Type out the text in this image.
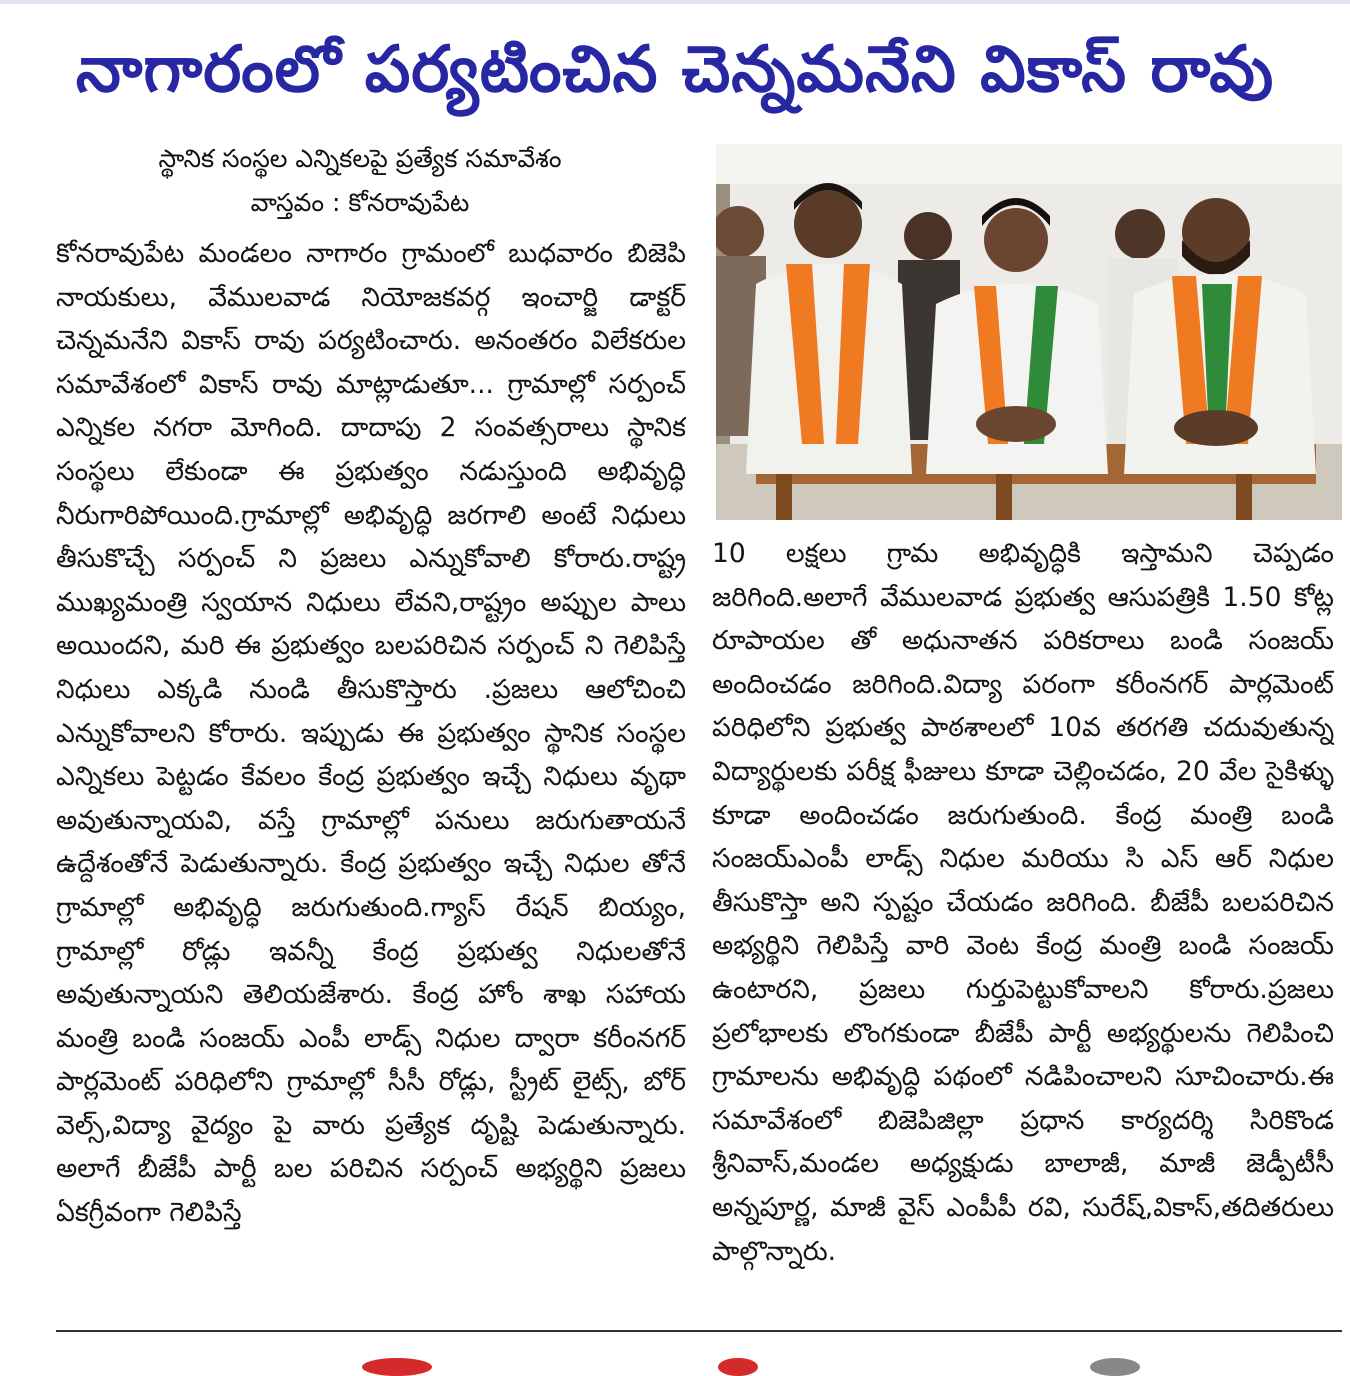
నాగారంలో పర్యటించిన చెన్నమనేని వికాస్ రావు
స్థానిక సంస్థల ఎన్నికలపై ప్రత్యేక సమావేశం
వాస్తవం : కోనరావుపేట
కోనరావుపేట మండలం నాగారం గ్రామంలో బుధవారం బిజెపి నాయకులు, వేములవాడ నియోజకవర్గ ఇంచార్జి డాక్టర్ చెన్నమనేని వికాస్ రావు పర్యటించారు. అనంతరం విలేకరుల సమావేశంలో వికాస్ రావు మాట్లాడుతూ... గ్రామాల్లో సర్పంచ్ ఎన్నికల నగరా మోగింది. దాదాపు 2 సంవత్సరాలు స్థానిక సంస్థలు లేకుండా ఈ ప్రభుత్వం నడుస్తుంది అభివృద్ధి నీరుగారిపోయింది.గ్రామాల్లో అభివృద్ధి జరగాలి అంటే నిధులు తీసుకొచ్చే సర్పంచ్ ని ప్రజలు ఎన్నుకోవాలి కోరారు.రాష్ట్ర ముఖ్యమంత్రి స్వయాన నిధులు లేవని,రాష్ట్రం అప్పుల పాలు అయిందని, మరి ఈ ప్రభుత్వం బలపరిచిన సర్పంచ్ ని గెలిపిస్తే నిధులు ఎక్కడి నుండి తీసుకొస్తారు .ప్రజలు ఆలోచించి ఎన్నుకోవాలని కోరారు. ఇప్పుడు ఈ ప్రభుత్వం స్థానిక సంస్థల ఎన్నికలు పెట్టడం కేవలం కేంద్ర ప్రభుత్వం ఇచ్చే నిధులు వృథా అవుతున్నాయవి, వస్తే గ్రామాల్లో పనులు జరుగుతాయనే ఉద్దేశంతోనే పెడుతున్నారు. కేంద్ర ప్రభుత్వం ఇచ్చే నిధుల తోనే గ్రామాల్లో అభివృద్ధి జరుగుతుంది.గ్యాస్ రేషన్ బియ్యం, గ్రామాల్లో రోడ్లు ఇవన్నీ కేంద్ర ప్రభుత్వ నిధులతోనే అవుతున్నాయని తెలియజేశారు. కేంద్ర హోం శాఖ సహాయ మంత్రి బండి సంజయ్ ఎంపీ లాడ్స్ నిధుల ద్వారా కరీంనగర్ పార్లమెంట్ పరిధిలోని గ్రామాల్లో సీసీ రోడ్లు, స్ట్రీట్ లైట్స్, బోర్ వెల్స్,విద్యా వైద్యం పై వారు ప్రత్యేక దృష్టి పెడుతున్నారు. అలాగే బీజేపీ పార్టీ బల పరిచిన సర్పంచ్ అభ్యర్థిని ప్రజలు ఏకగ్రీవంగా గెలిపిస్తే
10 లక్షలు గ్రామ అభివృద్ధికి ఇస్తామని చెప్పడం జరిగింది.అలాగే వేములవాడ ప్రభుత్వ ఆసుపత్రికి 1.50 కోట్ల రూపాయల తో అధునాతన పరికరాలు బండి సంజయ్ అందించడం జరిగింది.విద్యా పరంగా కరీంనగర్ పార్లమెంట్ పరిధిలోని ప్రభుత్వ పాఠశాలలో 10వ తరగతి చదువుతున్న విద్యార్థులకు పరీక్ష ఫీజులు కూడా చెల్లించడం, 20 వేల సైకిళ్ళు కూడా అందించడం జరుగుతుంది. కేంద్ర మంత్రి బండి సంజయ్ఎంపీ లాడ్స్ నిధుల మరియు సి ఎస్ ఆర్ నిధుల తీసుకొస్తా అని స్పష్టం చేయడం జరిగింది. బీజేపీ బలపరిచిన అభ్యర్థిని గెలిపిస్తే వారి వెంట కేంద్ర మంత్రి బండి సంజయ్ ఉంటారని, ప్రజలు గుర్తుపెట్టుకోవాలని కోరారు.ప్రజలు ప్రలోభాలకు లొంగకుండా బీజేపీ పార్టీ అభ్యర్థులను గెలిపించి గ్రామాలను అభివృద్ధి పథంలో నడిపించాలని సూచించారు.ఈ సమావేశంలో బిజెపిజిల్లా ప్రధాన కార్యదర్శి సిరికొండ శ్రీనివాస్,మండల అధ్యక్షుడు బాలాజీ, మాజీ జెడ్పీటీసీ అన్నపూర్ణ, మాజీ వైస్ ఎంపీపీ రవి, సురేష్,వికాస్,తదితరులు పాల్గొన్నారు.
